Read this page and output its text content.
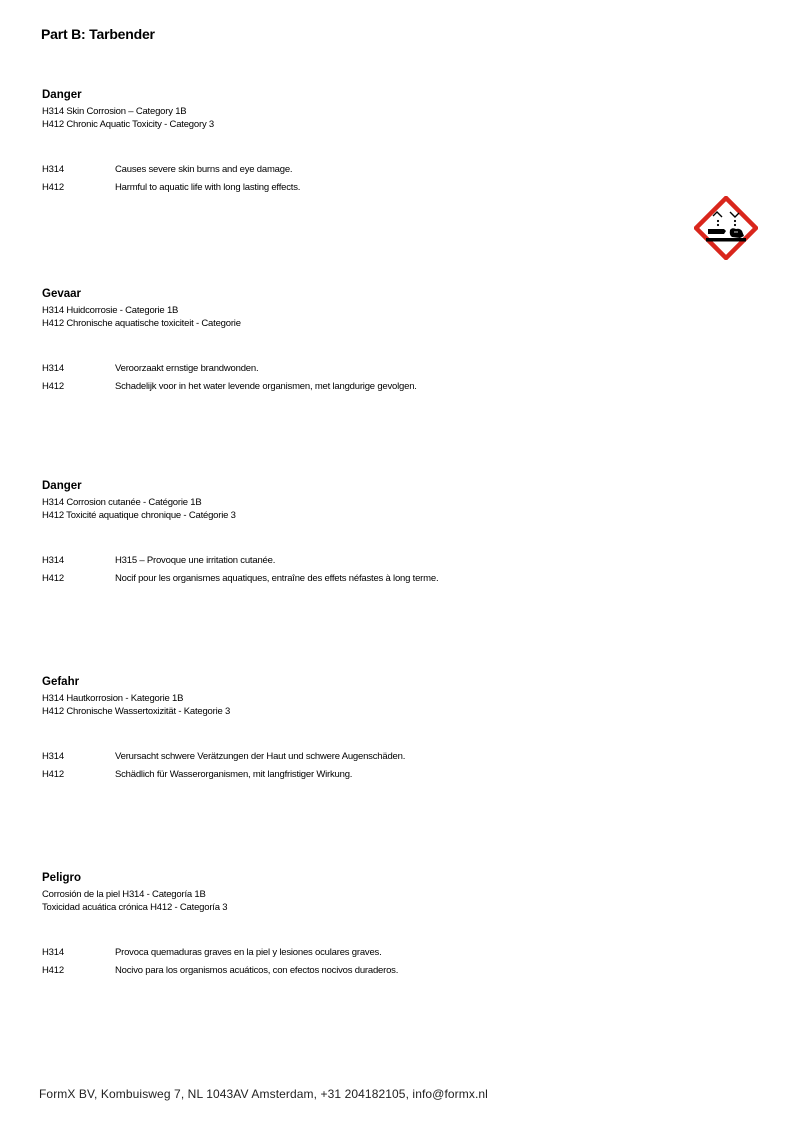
Part B: Tarbender
Danger
H314 Skin Corrosion – Category 1B
H412 Chronic Aquatic Toxicity - Category 3
H314	Causes severe skin burns and eye damage.
H412	Harmful to aquatic life with long lasting effects.
Gevaar
H314 Huidcorrosie - Categorie 1B
H412 Chronische aquatische toxiciteit - Categorie
H314	Veroorzaakt ernstige brandwonden.
H412	Schadelijk voor in het water levende organismen, met langdurige gevolgen.
Danger
H314 Corrosion cutanée - Catégorie 1B
H412 Toxicité aquatique chronique - Catégorie 3
H314	H315 – Provoque une irritation cutanée.
H412	Nocif pour les organismes aquatiques, entraîne des effets néfastes à long terme.
Gefahr
H314 Hautkorrosion - Kategorie 1B
H412 Chronische Wassertoxizität - Kategorie 3
H314	Verursacht schwere Verätzungen der Haut und schwere Augenschäden.
H412	Schädlich für Wasserorganismen, mit langfristiger Wirkung.
Peligro
Corrosión de la piel H314 - Categoría 1B
Toxicidad acuática crónica H412 - Categoría 3
H314	Provoca quemaduras graves en la piel y lesiones oculares graves.
H412	Nocivo para los organismos acuáticos, con efectos nocivos duraderos.
FormX BV, Kombuisweg 7, NL 1043AV Amsterdam, +31 204182105, info@formx.nl
